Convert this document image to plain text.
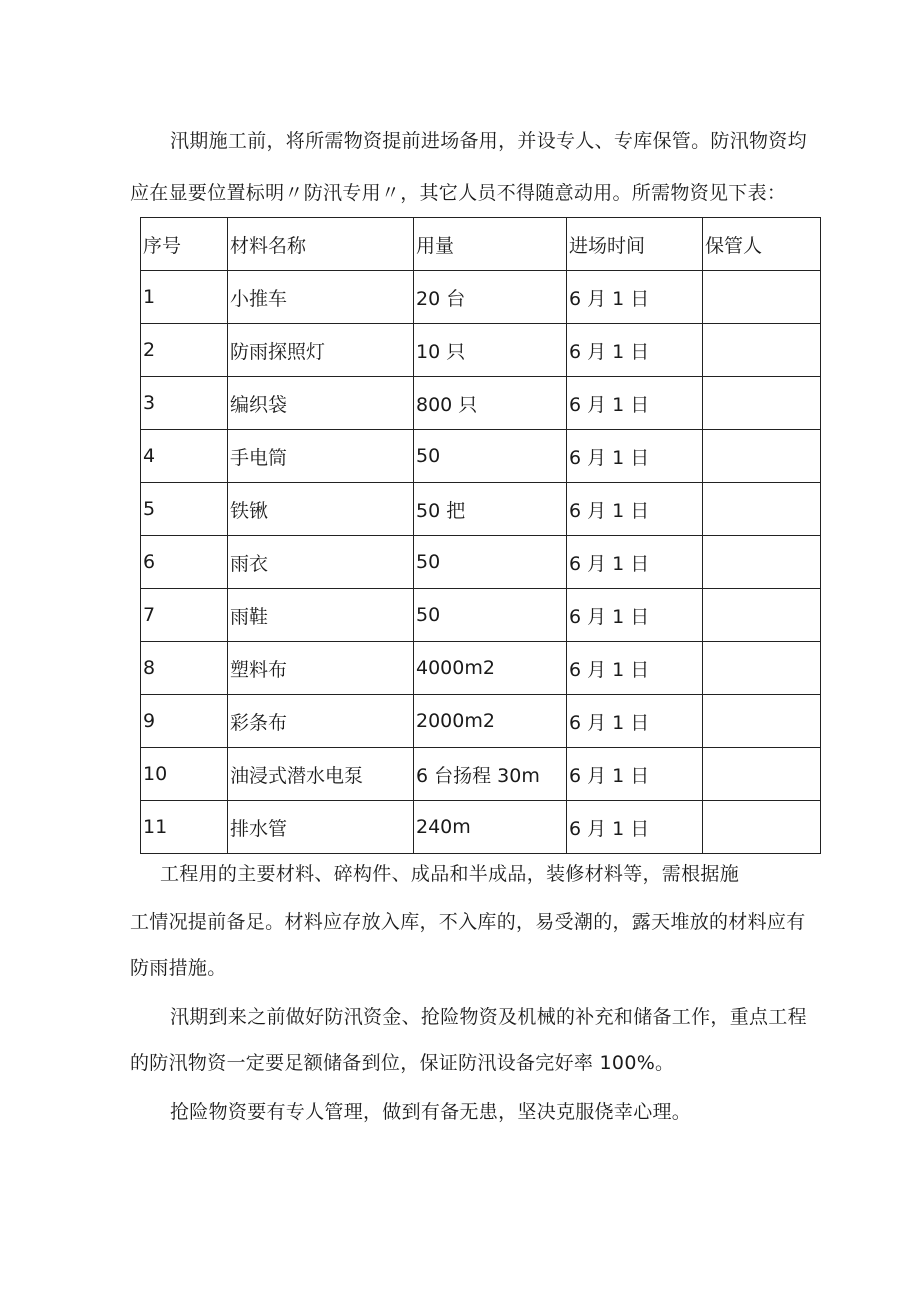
汛期施工前，将所需物资提前进场备用，并设专人、专库保管。防汛物资均
应在显要位置标明〃防汛专用〃，其它人员不得随意动用。所需物资见下表：
序号	材料名称	用量	进场时间	保管人
1	小推车	20 台	6 月 1 日	
2	防雨探照灯	10 只	6 月 1 日	
3	编织袋	800 只	6 月 1 日	
4	手电筒	50	6 月 1 日	
5	铁锹	50 把	6 月 1 日	
6	雨衣	50	6 月 1 日	
7	雨鞋	50	6 月 1 日	
8	塑料布	4000m2	6 月 1 日	
9	彩条布	2000m2	6 月 1 日	
10	油浸式潜水电泵	6 台扬程 30m	6 月 1 日	
11	排水管	240m	6 月 1 日	
工程用的主要材料、碎构件、成品和半成品，装修材料等，需根据施
工情况提前备足。材料应存放入库，不入库的，易受潮的，露天堆放的材料应有
防雨措施。
汛期到来之前做好防汛资金、抢险物资及机械的补充和储备工作，重点工程
的防汛物资一定要足额储备到位，保证防汛设备完好率 100%。
抢险物资要有专人管理，做到有备无患，坚决克服侥幸心理。
